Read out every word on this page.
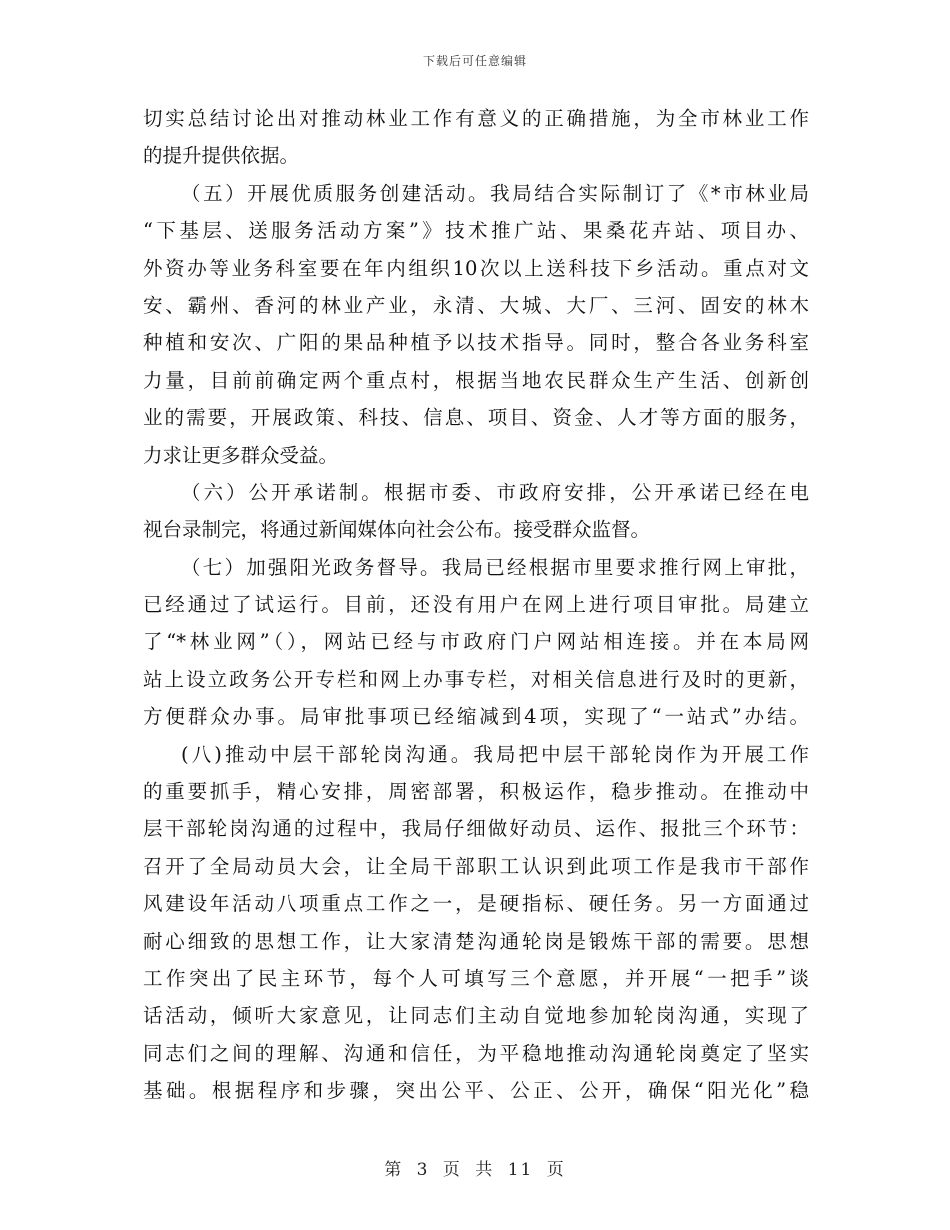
下载后可任意编辑
切实总结讨论出对推动林业工作有意义的正确措施，为全市林业工作
的提升提供依据。
（五）开展优质服务创建活动。我局结合实际制订了《*市林业局
“下基层、送服务活动方案”》技术推广站、果桑花卉站、项目办、
外资办等业务科室要在年内组织10次以上送科技下乡活动。重点对文
安、霸州、香河的林业产业，永清、大城、大厂、三河、固安的林木
种植和安次、广阳的果品种植予以技术指导。同时，整合各业务科室
力量，目前前确定两个重点村，根据当地农民群众生产生活、创新创
业的需要，开展政策、科技、信息、项目、资金、人才等方面的服务，
力求让更多群众受益。
（六）公开承诺制。根据市委、市政府安排，公开承诺已经在电
视台录制完，将通过新闻媒体向社会公布。接受群众监督。
（七）加强阳光政务督导。我局已经根据市里要求推行网上审批，
已经通过了试运行。目前，还没有用户在网上进行项目审批。局建立
了“*林业网”（），网站已经与市政府门户网站相连接。并在本局网
站上设立政务公开专栏和网上办事专栏，对相关信息进行及时的更新，
方便群众办事。局审批事项已经缩减到4项，实现了“一站式”办结。
(八)推动中层干部轮岗沟通。我局把中层干部轮岗作为开展工作
的重要抓手，精心安排，周密部署，积极运作，稳步推动。在推动中
层干部轮岗沟通的过程中，我局仔细做好动员、运作、报批三个环节：
召开了全局动员大会，让全局干部职工认识到此项工作是我市干部作
风建设年活动八项重点工作之一，是硬指标、硬任务。另一方面通过
耐心细致的思想工作，让大家清楚沟通轮岗是锻炼干部的需要。思想
工作突出了民主环节，每个人可填写三个意愿，并开展“一把手”谈
话活动，倾听大家意见，让同志们主动自觉地参加轮岗沟通，实现了
同志们之间的理解、沟通和信任，为平稳地推动沟通轮岗奠定了坚实
基础。根据程序和步骤，突出公平、公正、公开，确保“阳光化”稳
第 3 页 共 11 页
